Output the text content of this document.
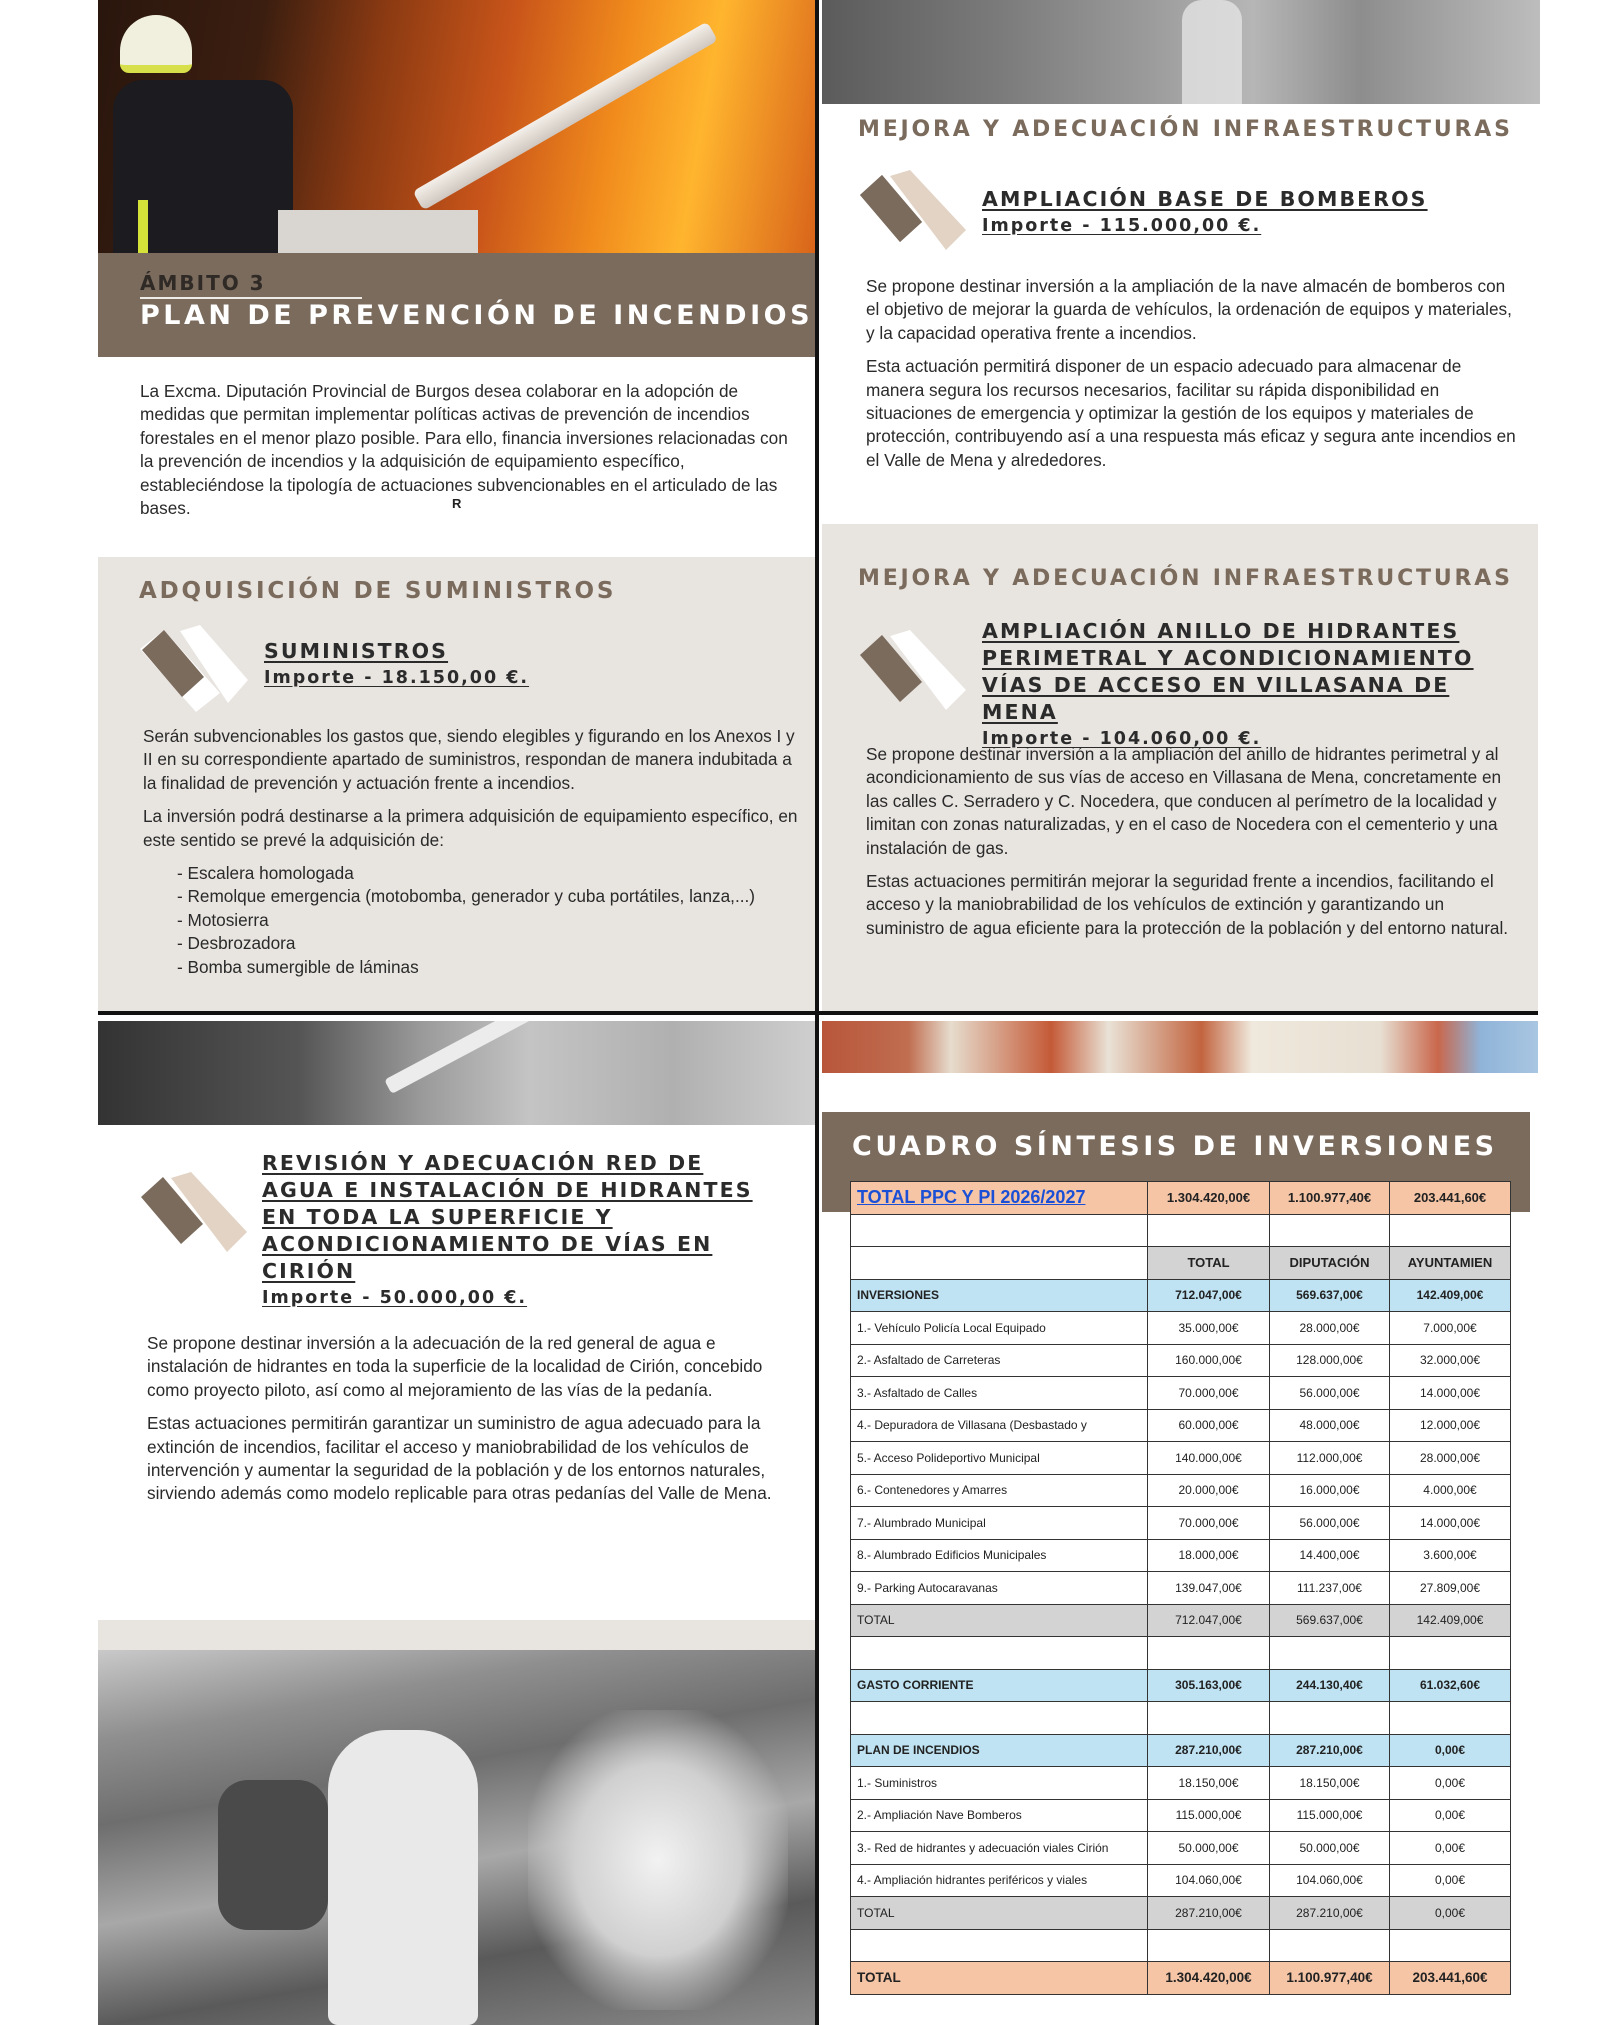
ÁMBITO 3
PLAN DE PREVENCIÓN DE INCENDIOS

La Excma. Diputación Provincial de Burgos desea colaborar en la adopción de medidas que permitan implementar políticas activas de prevención de incendios forestales en el menor plazo posible. Para ello, financia inversiones relacionadas con la prevención de incendios y la adquisición de equipamiento específico, estableciéndose la tipología de actuaciones subvencionables en el articulado de las bases.	R
ADQUISICIÓN DE SUMINISTROS
SUMINISTROS
Importe - 18.150,00 €.

Serán subvencionables los gastos que, siendo elegibles y figurando en los Anexos I y II en su correspondiente apartado de suministros, respondan de manera indubitada a la finalidad de prevención y actuación frente a incendios.

La inversión podrá destinarse a la primera adquisición de equipamiento específico, en este sentido se prevé la adquisición de:

- Escalera homologada
- Remolque emergencia (motobomba, generador y cuba portátiles, lanza,...)
- Motosierra
- Desbrozadora
- Bomba sumergible de láminas
MEJORA Y ADECUACIÓN INFRAESTRUCTURAS
AMPLIACIÓN BASE DE BOMBEROS
Importe - 115.000,00 €.

Se propone destinar inversión a la ampliación de la nave almacén de bomberos con el objetivo de mejorar la guarda de vehículos, la ordenación de equipos y materiales, y la capacidad operativa frente a incendios.

Esta actuación permitirá disponer de un espacio adecuado para almacenar de manera segura los recursos necesarios, facilitar su rápida disponibilidad en situaciones de emergencia y optimizar la gestión de los equipos y materiales de protección, contribuyendo así a una respuesta más eficaz y segura ante incendios en el Valle de Mena y alrededores.

MEJORA Y ADECUACIÓN INFRAESTRUCTURAS
AMPLIACIÓN ANILLO DE HIDRANTES PERIMETRAL Y ACONDICIONAMIENTO VÍAS DE ACCESO EN VILLASANA DE MENA
Importe - 104.060,00 €.

Se propone destinar inversión a la ampliación del anillo de hidrantes perimetral y al acondicionamiento de sus vías de acceso en Villasana de Mena, concretamente en las calles C. Serradero y C. Nocedera, que conducen al perímetro de la localidad y limitan con zonas naturalizadas, y en el caso de Nocedera con el cementerio y una instalación de gas.

Estas actuaciones permitirán mejorar la seguridad frente a incendios, facilitando el acceso y la maniobrabilidad de los vehículos de extinción y garantizando un suministro de agua eficiente para la protección de la población y del entorno natural.

REVISIÓN Y ADECUACIÓN RED DE AGUA E INSTALACIÓN DE HIDRANTES EN TODA LA SUPERFICIE Y ACONDICIONAMIENTO DE VÍAS EN CIRIÓN
Importe - 50.000,00 €.

Se propone destinar inversión a la adecuación de la red general de agua e instalación de hidrantes en toda la superficie de la localidad de Cirión, concebido como proyecto piloto, así como al mejoramiento de las vías de la pedanía.

Estas actuaciones permitirán garantizar un suministro de agua adecuado para la extinción de incendios, facilitar el acceso y maniobrabilidad de los vehículos de intervención y aumentar la seguridad de la población y de los entornos naturales, sirviendo además como modelo replicable para otras pedanías del Valle de Mena.

CUADRO SÍNTESIS DE INVERSIONES
TOTAL PPC Y PI 2026/2027	1.304.420,00€	1.100.977,40€	203.441,60€

	TOTAL	DIPUTACIÓN	AYUNTAMIEN
INVERSIONES	712.047,00€	569.637,00€	142.409,00€
1.- Vehículo Policía Local Equipado	35.000,00€	28.000,00€	7.000,00€
2.- Asfaltado de Carreteras	160.000,00€	128.000,00€	32.000,00€
3.- Asfaltado de Calles	70.000,00€	56.000,00€	14.000,00€
4.- Depuradora de Villasana (Desbastado y	60.000,00€	48.000,00€	12.000,00€
5.- Acceso Polideportivo Municipal	140.000,00€	112.000,00€	28.000,00€
6.- Contenedores y Amarres	20.000,00€	16.000,00€	4.000,00€
7.- Alumbrado Municipal	70.000,00€	56.000,00€	14.000,00€
8.- Alumbrado Edificios Municipales	18.000,00€	14.400,00€	3.600,00€
9.- Parking Autocaravanas	139.047,00€	111.237,00€	27.809,00€
TOTAL	712.047,00€	569.637,00€	142.409,00€

GASTO CORRIENTE	305.163,00€	244.130,40€	61.032,60€

PLAN DE INCENDIOS	287.210,00€	287.210,00€	0,00€
1.- Suministros	18.150,00€	18.150,00€	0,00€
2.- Ampliación Nave Bomberos	115.000,00€	115.000,00€	0,00€
3.- Red de hidrantes y adecuación viales Cirión	50.000,00€	50.000,00€	0,00€
4.- Ampliación hidrantes periféricos y viales	104.060,00€	104.060,00€	0,00€
TOTAL	287.210,00€	287.210,00€	0,00€

TOTAL	1.304.420,00€	1.100.977,40€	203.441,60€
